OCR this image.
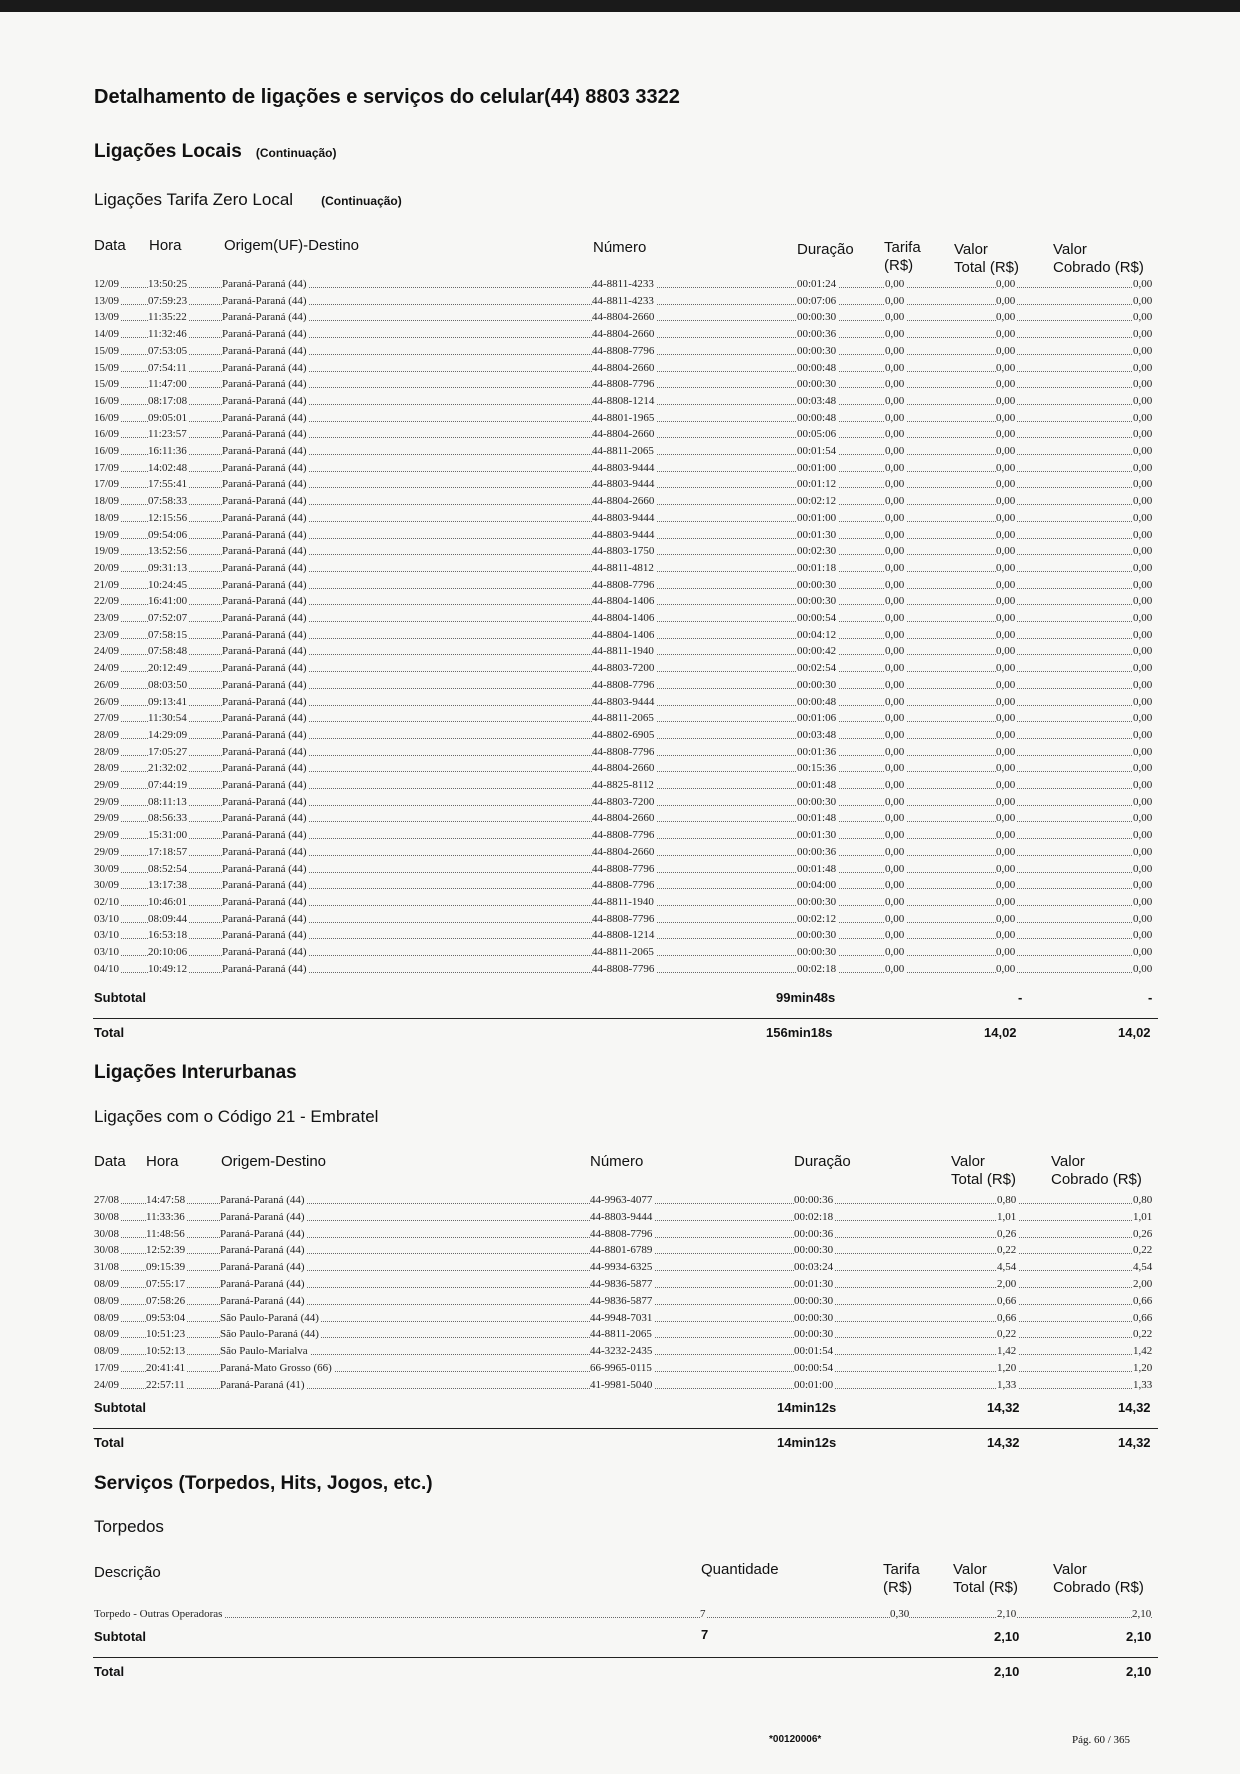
Detalhamento de ligações e serviços do celular(44) 8803 3322
Ligações Locais (Continuação)
Ligações Tarifa Zero Local (Continuação)
Data Hora	Origem(UF)-Destino	Número	Duração Tarifa
(R$)
Valor
Total (R$)
Valor
Cobrado (R$)
12/09	13:50:25	Paraná-Paraná (44)	44-8811-4233	00:01:24	0,00	0,00	0,00
13/09	07:59:23	Paraná-Paraná (44)	44-8811-4233	00:07:06	0,00	0,00	0,00
13/09	11:35:22	Paraná-Paraná (44)	44-8804-2660	00:00:30	0,00	0,00	0,00
14/09	11:32:46	Paraná-Paraná (44)	44-8804-2660	00:00:36	0,00	0,00	0,00
15/09	07:53:05	Paraná-Paraná (44)	44-8808-7796	00:00:30	0,00	0,00	0,00
15/09	07:54:11	Paraná-Paraná (44)	44-8804-2660	00:00:48	0,00	0,00	0,00
15/09	11:47:00	Paraná-Paraná (44)	44-8808-7796	00:00:30	0,00	0,00	0,00
16/09	08:17:08	Paraná-Paraná (44)	44-8808-1214	00:03:48	0,00	0,00	0,00
16/09	09:05:01	Paraná-Paraná (44)	44-8801-1965	00:00:48	0,00	0,00	0,00
16/09	11:23:57	Paraná-Paraná (44)	44-8804-2660	00:05:06	0,00	0,00	0,00
16/09	16:11:36	Paraná-Paraná (44)	44-8811-2065	00:01:54	0,00	0,00	0,00
17/09	14:02:48	Paraná-Paraná (44)	44-8803-9444	00:01:00	0,00	0,00	0,00
17/09	17:55:41	Paraná-Paraná (44)	44-8803-9444	00:01:12	0,00	0,00	0,00
18/09	07:58:33	Paraná-Paraná (44)	44-8804-2660	00:02:12	0,00	0,00	0,00
18/09	12:15:56	Paraná-Paraná (44)	44-8803-9444	00:01:00	0,00	0,00	0,00
19/09	09:54:06	Paraná-Paraná (44)	44-8803-9444	00:01:30	0,00	0,00	0,00
19/09	13:52:56	Paraná-Paraná (44)	44-8803-1750	00:02:30	0,00	0,00	0,00
20/09	09:31:13	Paraná-Paraná (44)	44-8811-4812	00:01:18	0,00	0,00	0,00
21/09	10:24:45	Paraná-Paraná (44)	44-8808-7796	00:00:30	0,00	0,00	0,00
22/09	16:41:00	Paraná-Paraná (44)	44-8804-1406	00:00:30	0,00	0,00	0,00
23/09	07:52:07	Paraná-Paraná (44)	44-8804-1406	00:00:54	0,00	0,00	0,00
23/09	07:58:15	Paraná-Paraná (44)	44-8804-1406	00:04:12	0,00	0,00	0,00
24/09	07:58:48	Paraná-Paraná (44)	44-8811-1940	00:00:42	0,00	0,00	0,00
24/09	20:12:49	Paraná-Paraná (44)	44-8803-7200	00:02:54	0,00	0,00	0,00
26/09	08:03:50	Paraná-Paraná (44)	44-8808-7796	00:00:30	0,00	0,00	0,00
26/09	09:13:41	Paraná-Paraná (44)	44-8803-9444	00:00:48	0,00	0,00	0,00
27/09	11:30:54	Paraná-Paraná (44)	44-8811-2065	00:01:06	0,00	0,00	0,00
28/09	14:29:09	Paraná-Paraná (44)	44-8802-6905	00:03:48	0,00	0,00	0,00
28/09	17:05:27	Paraná-Paraná (44)	44-8808-7796	00:01:36	0,00	0,00	0,00
28/09	21:32:02	Paraná-Paraná (44)	44-8804-2660	00:15:36	0,00	0,00	0,00
29/09	07:44:19	Paraná-Paraná (44)	44-8825-8112	00:01:48	0,00	0,00	0,00
29/09	08:11:13	Paraná-Paraná (44)	44-8803-7200	00:00:30	0,00	0,00	0,00
29/09	08:56:33	Paraná-Paraná (44)	44-8804-2660	00:01:48	0,00	0,00	0,00
29/09	15:31:00	Paraná-Paraná (44)	44-8808-7796	00:01:30	0,00	0,00	0,00
29/09	17:18:57	Paraná-Paraná (44)	44-8804-2660	00:00:36	0,00	0,00	0,00
30/09	08:52:54	Paraná-Paraná (44)	44-8808-7796	00:01:48	0,00	0,00	0,00
30/09	13:17:38	Paraná-Paraná (44)	44-8808-7796	00:04:00	0,00	0,00	0,00
02/10	10:46:01	Paraná-Paraná (44)	44-8811-1940	00:00:30	0,00	0,00	0,00
03/10	08:09:44	Paraná-Paraná (44)	44-8808-7796	00:02:12	0,00	0,00	0,00
03/10	16:53:18	Paraná-Paraná (44)	44-8808-1214	00:00:30	0,00	0,00	0,00
03/10	20:10:06	Paraná-Paraná (44)	44-8811-2065	00:00:30	0,00	0,00	0,00
04/10	10:49:12	Paraná-Paraná (44)	44-8808-7796	00:02:18	0,00	0,00	0,00
Subtotal	99min48s	-	-
Total	156min18s	14,02	14,02
Ligações Interurbanas
Ligações com o Código 21 - Embratel
Data Hora	Origem-Destino	Número	Duração	Valor
Total (R$)
Valor
Cobrado (R$)
27/08 14:47:58	Paraná-Paraná (44)	44-9963-4077	00:00:36	0,80	0,80
30/08 11:33:36	Paraná-Paraná (44)	44-8803-9444	00:02:18	1,01	1,01
30/08 11:48:56	Paraná-Paraná (44)	44-8808-7796	00:00:36	0,26	0,26
30/08 12:52:39	Paraná-Paraná (44)	44-8801-6789	00:00:30	0,22	0,22
31/08 09:15:39	Paraná-Paraná (44)	44-9934-6325	00:03:24	4,54	4,54
08/09 07:55:17	Paraná-Paraná (44)	44-9836-5877	00:01:30	2,00	2,00
08/09 07:58:26	Paraná-Paraná (44)	44-9836-5877	00:00:30	0,66	0,66
08/09 09:53:04	São Paulo-Paraná (44)	44-9948-7031	00:00:30	0,66	0,66
08/09 10:51:23	São Paulo-Paraná (44)	44-8811-2065	00:00:30	0,22	0,22
08/09 10:52:13	São Paulo-Marialva	44-3232-2435	00:01:54	1,42	1,42
17/09 20:41:41	Paraná-Mato Grosso (66)	66-9965-0115	00:00:54	1,20	1,20
24/09 22:57:11	Paraná-Paraná (41)	41-9981-5040	00:01:00	1,33	1,33
Subtotal	14min12s	14,32	14,32
Total	14min12s	14,32	14,32
Serviços (Torpedos, Hits, Jogos, etc.)
Torpedos
Descrição	Quantidade	Tarifa
(R$)
Valor
Total (R$)
Valor
Cobrado (R$)
Torpedo - Outras Operadoras	7	0,30	2,10	2,10
Subtotal	7	2,10	2,10
Total	2,10	2,10
*00120006*	Pág. 60 / 365
